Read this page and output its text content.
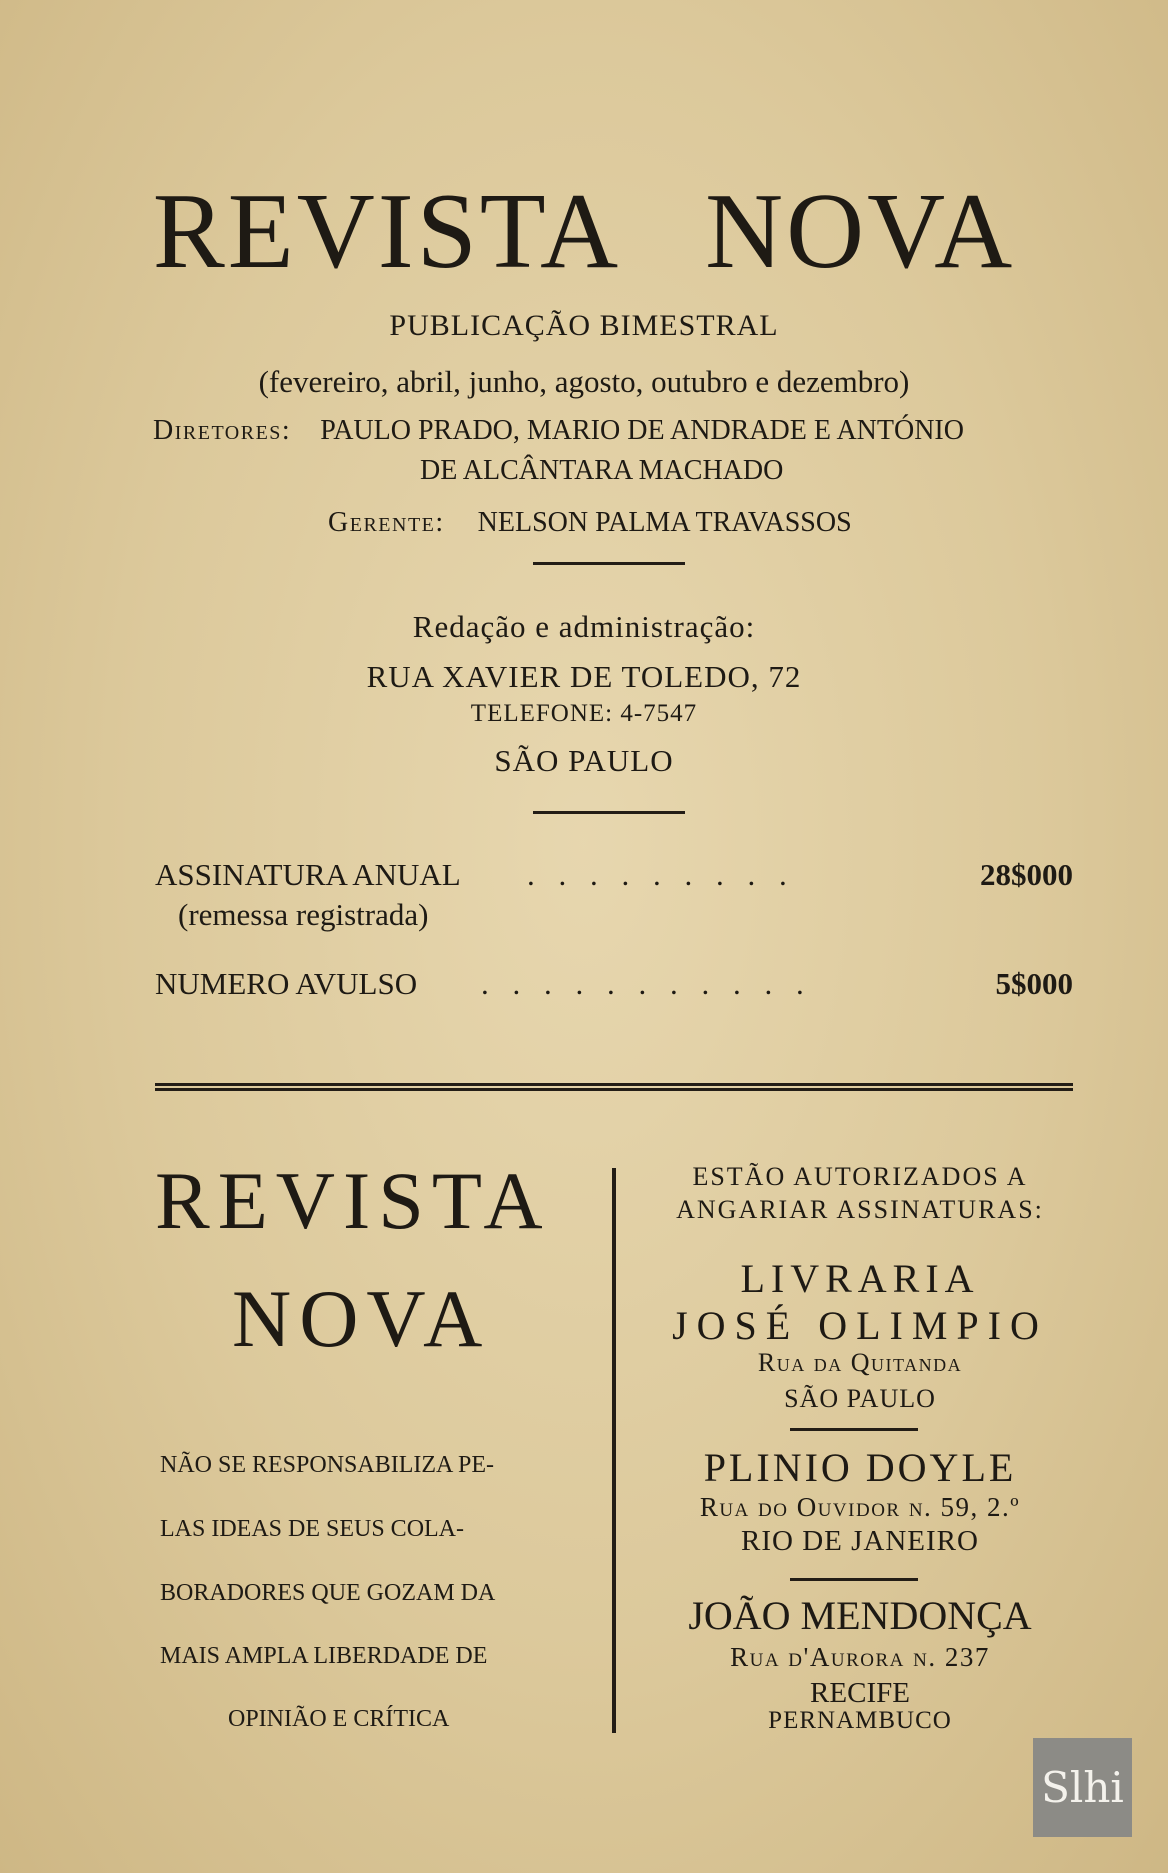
REVISTA NOVA
PUBLICAÇÃO BIMESTRAL
(fevereiro, abril, junho, agosto, outubro e dezembro)
Diretores: PAULO PRADO, MARIO DE ANDRADE E ANTÓNIO
DE ALCÂNTARA MACHADO
Gerente: NELSON PALMA TRAVASSOS
Redação e administração:
RUA XAVIER DE TOLEDO, 72
TELEFONE: 4-7547
SÃO PAULO
ASSINATURA ANUAL . . . . . . . . .	28$000
(remessa registrada)
NUMERO AVULSO . . . . . . . . . . .	5$000
REVISTA
NOVA
NÃO SE RESPONSABILIZA PE-
LAS IDEAS DE SEUS COLA-
BORADORES QUE GOZAM DA
MAIS AMPLA LIBERDADE DE
OPINIÃO E CRÍTICA
ESTÃO AUTORIZADOS A
ANGARIAR ASSINATURAS:
LIVRARIA
JOSÉ OLIMPIO
Rua da Quitanda
SÃO PAULO
PLINIO DOYLE
Rua do Ouvidor n. 59, 2.º
RIO DE JANEIRO
JOÃO MENDONÇA
Rua d'Aurora n. 237
RECIFE
PERNAMBUCO
Slhi
